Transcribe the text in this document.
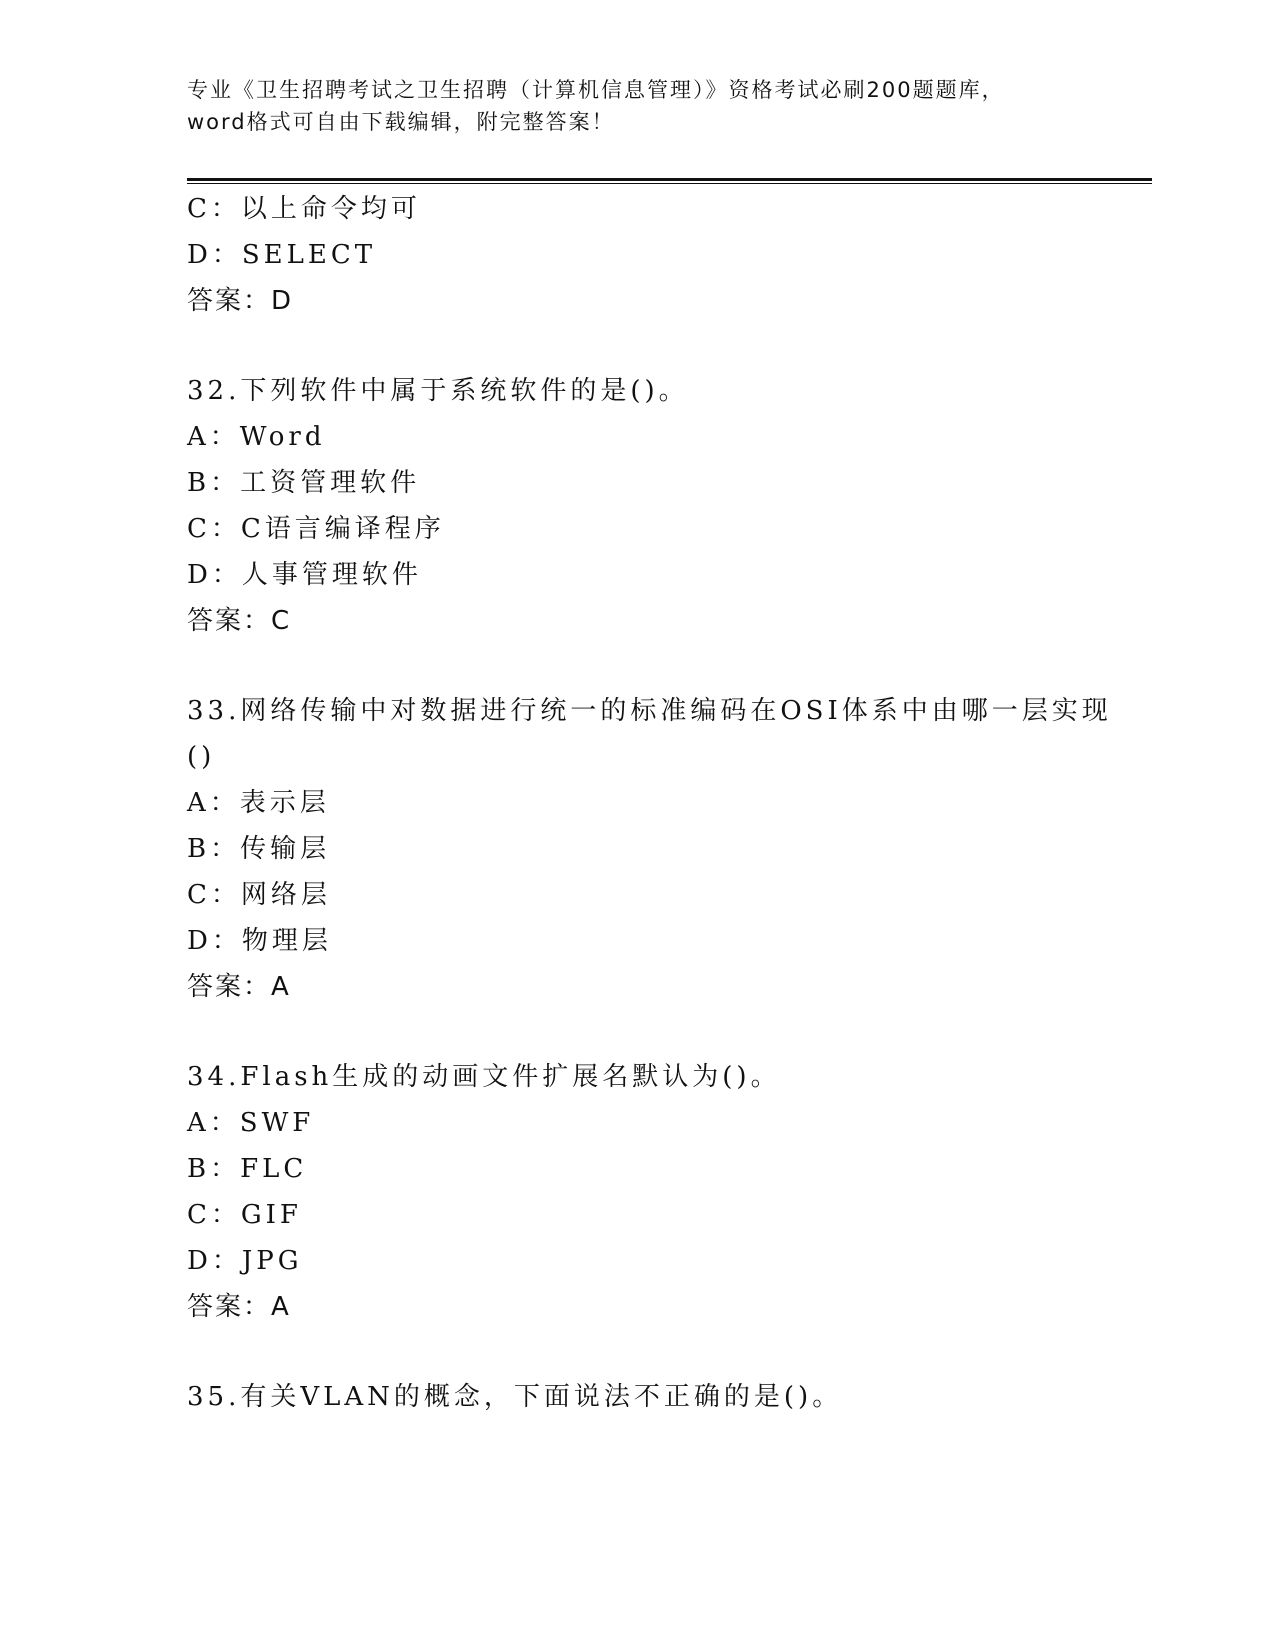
专业《卫生招聘考试之卫生招聘（计算机信息管理）》资格考试必刷200题题库，
word格式可自由下载编辑，附完整答案！
C：以上命令均可
D：SELECT
答案：D
32.下列软件中属于系统软件的是()。
A：Word
B：工资管理软件
C：C语言编译程序
D：人事管理软件
答案：C
33.网络传输中对数据进行统一的标准编码在OSI体系中由哪一层实现
()
A：表示层
B：传输层
C：网络层
D：物理层
答案：A
34.Flash生成的动画文件扩展名默认为()。
A：SWF
B：FLC
C：GIF
D：JPG
答案：A
35.有关VLAN的概念，下面说法不正确的是()。
